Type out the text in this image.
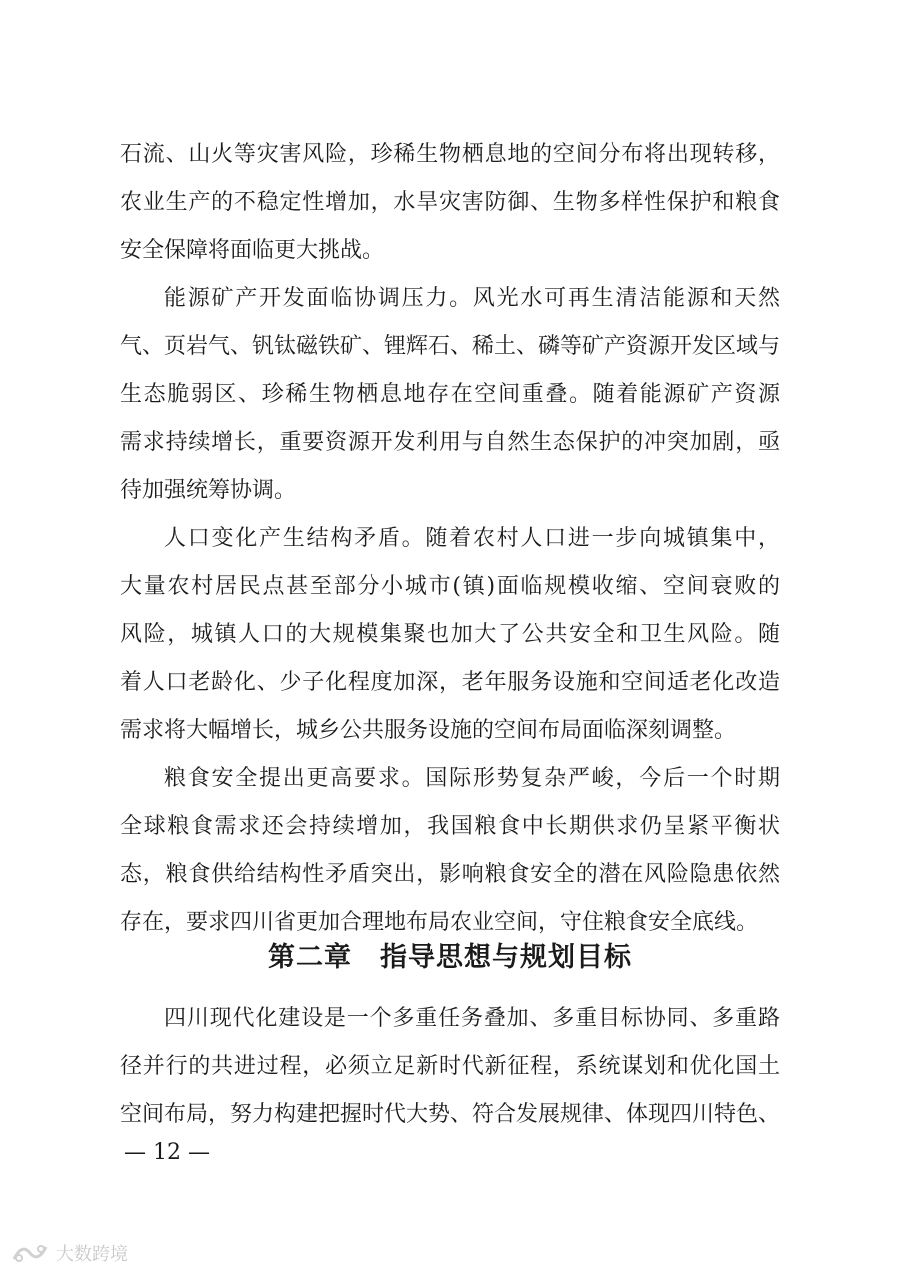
石流、山火等灾害风险，珍稀生物栖息地的空间分布将出现转移，
农业生产的不稳定性增加，水旱灾害防御、生物多样性保护和粮食
安全保障将面临更大挑战。
能源矿产开发面临协调压力。风光水可再生清洁能源和天然
气、页岩气、钒钛磁铁矿、锂辉石、稀土、磷等矿产资源开发区域与
生态脆弱区、珍稀生物栖息地存在空间重叠。随着能源矿产资源
需求持续增长，重要资源开发利用与自然生态保护的冲突加剧，亟
待加强统筹协调。
人口变化产生结构矛盾。随着农村人口进一步向城镇集中，
大量农村居民点甚至部分小城市(镇)面临规模收缩、空间衰败的
风险，城镇人口的大规模集聚也加大了公共安全和卫生风险。随
着人口老龄化、少子化程度加深，老年服务设施和空间适老化改造
需求将大幅增长，城乡公共服务设施的空间布局面临深刻调整。
粮食安全提出更高要求。国际形势复杂严峻，今后一个时期
全球粮食需求还会持续增加，我国粮食中长期供求仍呈紧平衡状
态，粮食供给结构性矛盾突出，影响粮食安全的潜在风险隐患依然
存在，要求四川省更加合理地布局农业空间，守住粮食安全底线。
第二章　指导思想与规划目标
四川现代化建设是一个多重任务叠加、多重目标协同、多重路
径并行的共进过程，必须立足新时代新征程，系统谋划和优化国土
空间布局，努力构建把握时代大势、符合发展规律、体现四川特色、
— 12 —
大数跨境
